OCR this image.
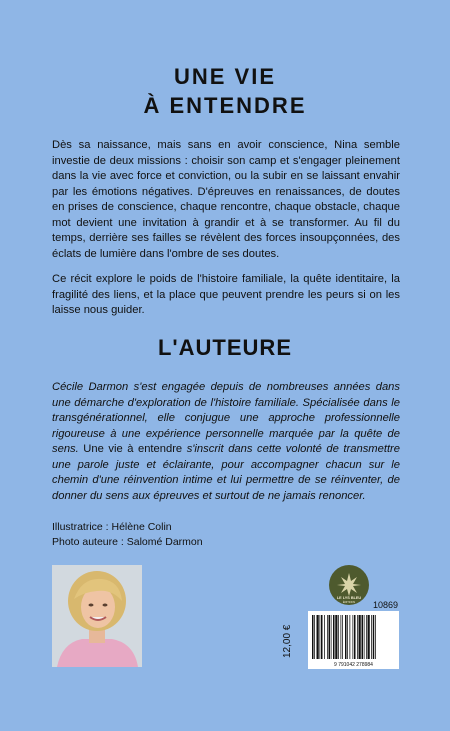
UNE VIE
À ENTENDRE

Dès sa naissance, mais sans en avoir conscience, Nina semble investie de deux missions : choisir son camp et s'engager pleinement dans la vie avec force et conviction, ou la subir en se laissant envahir par les émotions négatives. D'épreuves en renaissances, de doutes en prises de conscience, chaque rencontre, chaque obstacle, chaque mot devient une invitation à grandir et à se transformer. Au fil du temps, derrière ses failles se révèlent des forces insoupçonnées, des éclats de lumière dans l'ombre de ses doutes.

Ce récit explore le poids de l'histoire familiale, la quête identitaire, la fragilité des liens, et la place que peuvent prendre les peurs si on les laisse nous guider.

L'AUTEURE

Cécile Darmon s'est engagée depuis de nombreuses années dans une démarche d'exploration de l'histoire familiale. Spécialisée dans le transgénérationnel, elle conjugue une approche professionnelle rigoureuse à une expérience personnelle marquée par la quête de sens. Une vie à entendre s'inscrit dans cette volonté de transmettre une parole juste et éclairante, pour accompagner chacun sur le chemin d'une réinvention intime et lui permettre de se réinventer, de donner du sens aux épreuves et surtout de ne jamais renoncer.

Illustratrice : Hélène Colin
Photo auteure : Salomé Darmon
LE LYS BLEU
ÉDITIONS 10869
12,00 €
9 791042 278984
